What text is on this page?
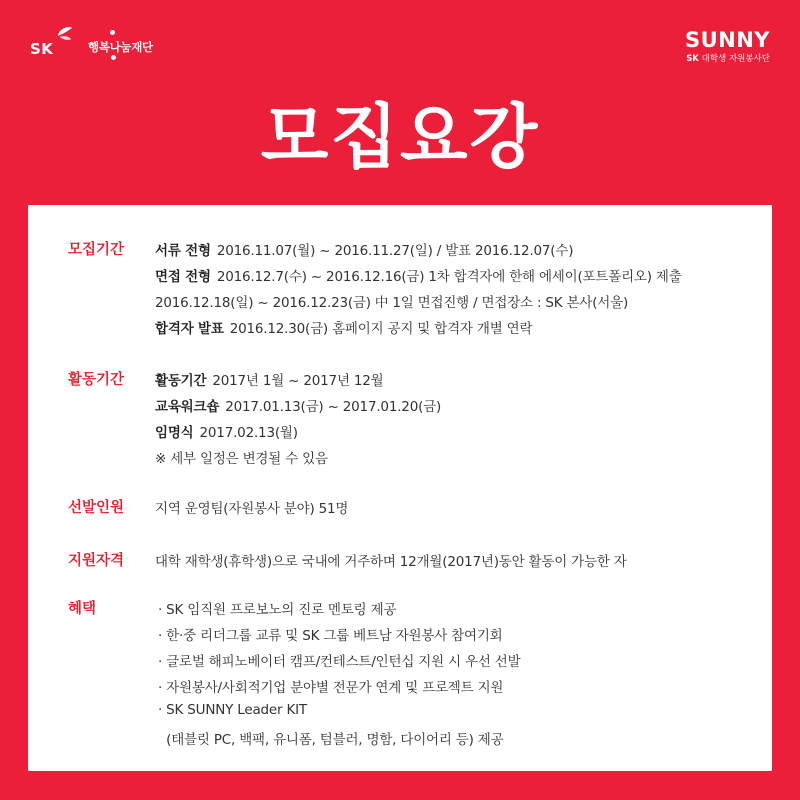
SK	행복나눔재단	SUNNY
SK 대학생 자원봉사단
모집요강
모집기간 서류 전형 2016.11.07(월) ~ 2016.11.27(일) / 발표 2016.12.07(수)
면접 전형 2016.12.7(수) ~ 2016.12.16(금) 1차 합격자에 한해 에세이(포트폴리오) 제출
2016.12.18(일) ~ 2016.12.23(금) 中 1일 면접진행 / 면접장소 : SK 본사(서울)
합격자 발표 2016.12.30(금) 홈페이지 공지 및 합격자 개별 연락
활동기간 활동기간 2017년 1월 ~ 2017년 12월
교육워크숍 2017.01.13(금) ~ 2017.01.20(금)
임명식 2017.02.13(월)
※ 세부 일정은 변경될 수 있음
선발인원 지역 운영팀(자원봉사 분야) 51명
지원자격 대학 재학생(휴학생)으로 국내에 거주하며 12개월(2017년)동안 활동이 가능한 자
혜택	· SK 임직원 프로보노의 진로 멘토링 제공
· 한·중 리더그룹 교류 및 SK 그룹 베트남 자원봉사 참여기회
· 글로벌 해피노베이터 캠프/컨테스트/인턴십 지원 시 우선 선발
· 자원봉사/사회적기업 분야별 전문가 연계 및 프로젝트 지원
· SK SUNNY Leader KIT
(태블릿 PC, 백팩, 유니폼, 텀블러, 명함, 다이어리 등) 제공
